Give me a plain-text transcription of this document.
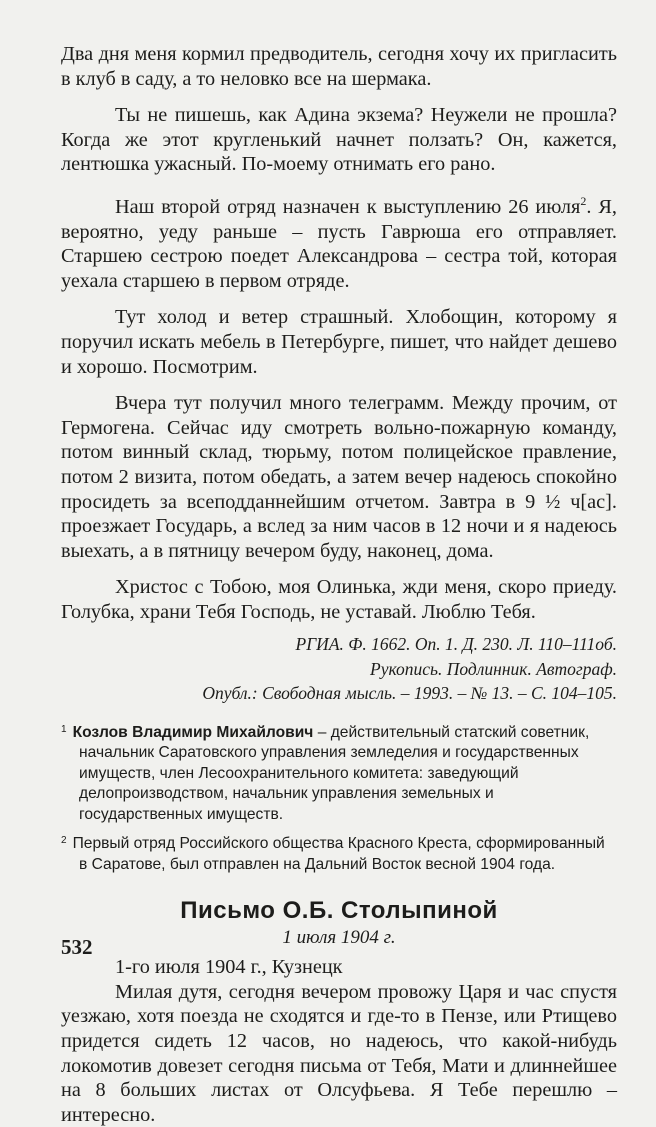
Два дня меня кормил предводитель, сегодня хочу их пригласить в клуб в саду, а то неловко все на шермака.

Ты не пишешь, как Адина экзема? Неужели не прошла? Когда же этот кругленький начнет ползать? Он, кажется, лентюшка ужасный. По-моему отнимать его рано.

Наш второй отряд назначен к выступлению 26 июля$^2$. Я, вероятно, уеду раньше – пусть Гаврюша его отправляет. Старшею сестрою поедет Александрова – сестра той, которая уехала старшею в первом отряде.

Тут холод и ветер страшный. Хлобощин, которому я поручил искать мебель в Петербурге, пишет, что найдет дешево и хорошо. Посмотрим.

Вчера тут получил много телеграмм. Между прочим, от Гермогена. Сейчас иду смотреть вольно-пожарную команду, потом винный склад, тюрьму, потом полицейское правление, потом 2 визита, потом обедать, а затем вечер надеюсь спокойно просидеть за всеподданнейшим отчетом. Завтра в 9 ½ ч[ас]. проезжает Государь, а вслед за ним часов в 12 ночи и я надеюсь выехать, а в пятницу вечером буду, наконец, дома.

Христос с Тобою, моя Олинька, жди меня, скоро приеду. Голубка, храни Тебя Господь, не уставай. Люблю Тебя.

РГИА. Ф. 1662. Оп. 1. Д. 230. Л. 110–111об.
Рукопись. Подлинник. Автограф.
Опубл.: Свободная мысль. – 1993. – № 13. – С. 104–105.

$^1$ Козлов Владимир Михайлович – действительный статский советник, начальник Саратовского управления земледелия и государственных имуществ, член Лесоохранительного комитета: заведующий делопроизводством, начальник управления земельных и государственных имуществ.

$^2$ Первый отряд Российского общества Красного Креста, сформированный в Саратове, был отправлен на Дальний Восток весной 1904 года.

Письмо О.Б. Столыпиной
1 июля 1904 г.

1-го июля 1904 г., Кузнецк

Милая дутя, сегодня вечером провожу Царя и час спустя уезжаю, хотя поезда не сходятся и где-то в Пензе, или Ртищево придется сидеть 12 часов, но надеюсь, что какой-нибудь локомотив довезет сегодня письма от Тебя, Мати и длиннейшее на 8 больших листах от Олсуфьева. Я Тебе перешлю – интересно.

532
